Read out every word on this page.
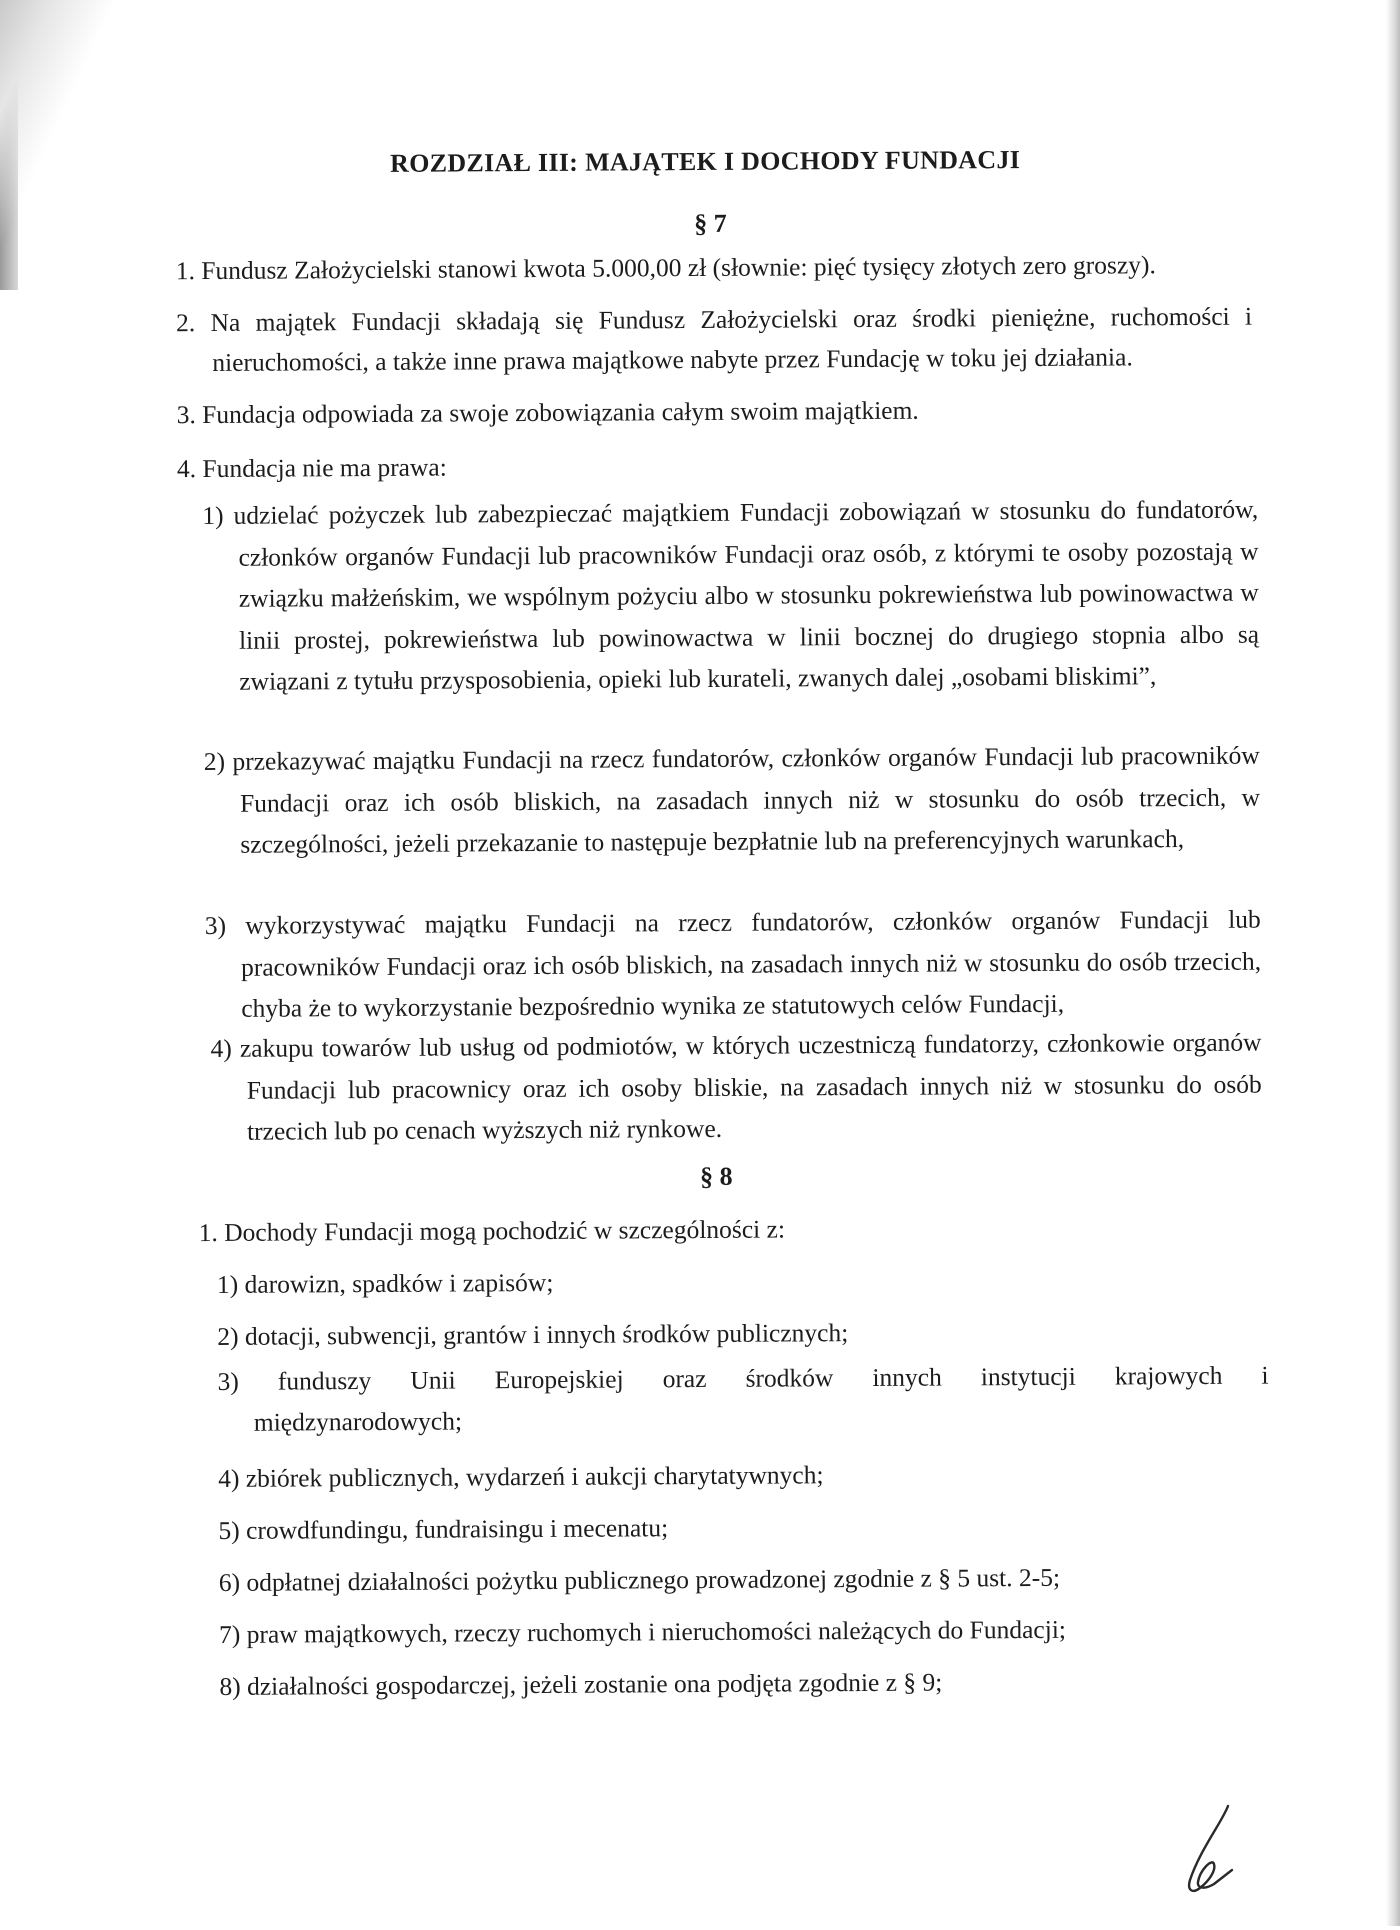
ROZDZIAŁ III: MAJĄTEK I DOCHODY FUNDACJI
§ 7
1. Fundusz Założycielski stanowi kwota 5.000,00 zł (słownie: pięć tysięcy złotych zero groszy).
2. Na majątek Fundacji składają się Fundusz Założycielski oraz środki pieniężne, ruchomości i nieruchomości, a także inne prawa majątkowe nabyte przez Fundację w toku jej działania.
3. Fundacja odpowiada za swoje zobowiązania całym swoim majątkiem.
4. Fundacja nie ma prawa:
1) udzielać pożyczek lub zabezpieczać majątkiem Fundacji zobowiązań w stosunku do fundatorów, członków organów Fundacji lub pracowników Fundacji oraz osób, z którymi te osoby pozostają w związku małżeńskim, we wspólnym pożyciu albo w stosunku pokrewieństwa lub powinowactwa w linii prostej, pokrewieństwa lub powinowactwa w linii bocznej do drugiego stopnia albo są związani z tytułu przysposobienia, opieki lub kurateli, zwanych dalej „osobami bliskimi”,
2) przekazywać majątku Fundacji na rzecz fundatorów, członków organów Fundacji lub pracowników Fundacji oraz ich osób bliskich, na zasadach innych niż w stosunku do osób trzecich, w szczególności, jeżeli przekazanie to następuje bezpłatnie lub na preferencyjnych warunkach,
3) wykorzystywać majątku Fundacji na rzecz fundatorów, członków organów Fundacji lub pracowników Fundacji oraz ich osób bliskich, na zasadach innych niż w stosunku do osób trzecich, chyba że to wykorzystanie bezpośrednio wynika ze statutowych celów Fundacji,
4) zakupu towarów lub usług od podmiotów, w których uczestniczą fundatorzy, członkowie organów Fundacji lub pracownicy oraz ich osoby bliskie, na zasadach innych niż w stosunku do osób trzecich lub po cenach wyższych niż rynkowe.
§ 8
1. Dochody Fundacji mogą pochodzić w szczególności z:
1) darowizn, spadków i zapisów;
2) dotacji, subwencji, grantów i innych środków publicznych;
3) funduszy Unii Europejskiej oraz środków innych instytucji krajowych i międzynarodowych;
4) zbiórek publicznych, wydarzeń i aukcji charytatywnych;
5) crowdfundingu, fundraisingu i mecenatu;
6) odpłatnej działalności pożytku publicznego prowadzonej zgodnie z § 5 ust. 2-5;
7) praw majątkowych, rzeczy ruchomych i nieruchomości należących do Fundacji;
8) działalności gospodarczej, jeżeli zostanie ona podjęta zgodnie z § 9;
